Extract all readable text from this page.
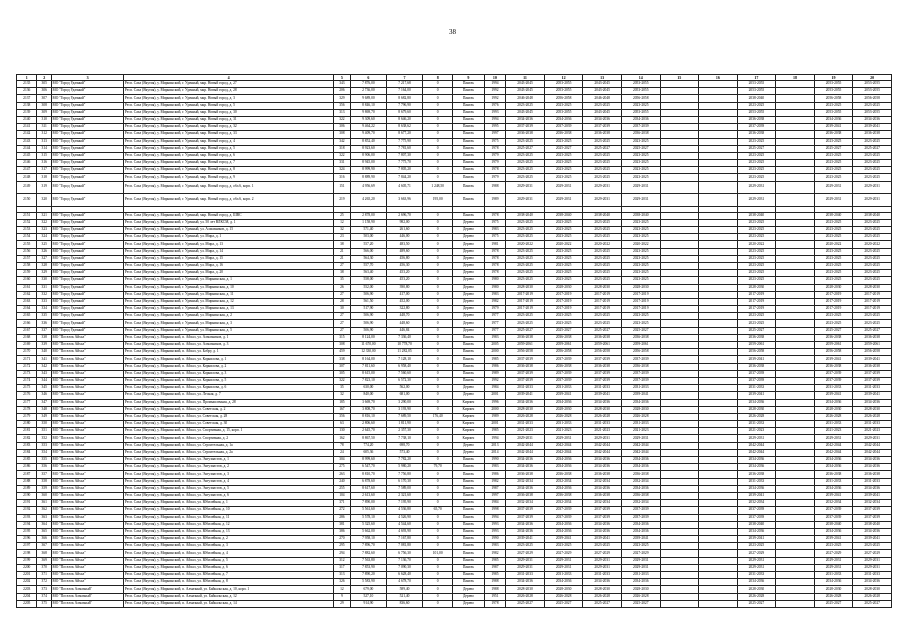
38
1	2	3	4	5	6	7	8	9	10	11	12	13	14	15	16	17	18	19	20
2135	305	МО "Город Удачный"	Респ. Саха (Якутия), у. Мирнинский, г. Удачный, мкр. Новый город, д. 27	343	7 876,00	7 217,68	0	Панель	1994	2043-2045	2053-2055	2043-2045	2053-2055			2053-2055		2053-2055	2053-2055
2136	306	МО "Город Удачный"	Респ. Саха (Якутия), у. Мирнинский, г. Удачный, мкр. Новый город, д. 28	206	2 736,00	7 164,00	0	Панель	1992	2043-2045	2053-2055	2043-2045	2053-2055			2053-2055		2053-2055	2053-2055
2137	307	МО "Город Удачный"	Респ. Саха (Якутия), у. Мирнинский, г. Удачный, мкр. Новый город, д. 3	329	9 689,00	8 682,80	0	Панель	1992	2046-2048	2056-2058	2046-2048	2056-2058			2038-2040		2056-2058	2056-2058
2138	308	МО "Город Удачный"	Респ. Саха (Якутия), у. Мирнинский, г. Удачный, мкр. Новый город, д. 5	356	8 846,10	7 796,90	0	Панель	1976	2023-2025	2023-2025	2023-2025	2023-2025			2023-2025		2023-2025	2023-2025
2139	309	МО "Город Удачный"	Респ. Саха (Якутия), у. Мирнинский, г. Удачный, мкр. Новый город, д. 30	313	9 869,70	8 679,60	0	Панель	1993	2043-2045	2053-2055	2043-2045	2053-2055			2053-2055		2053-2055	2053-2055
2140	310	МО "Город Удачный"	Респ. Саха (Якутия), у. Мирнинский, г. Удачный, мкр. Новый город, д. 31	322	9 309,60	8 646,20	0	Панель	1994	2034-2036	2034-2036	2034-2036	2034-2036			2036-2038		2034-2036	2034-2036
2141	311	МО "Город Удачный"	Респ. Саха (Якутия), у. Мирнинский, г. Удачный, мкр. Новый город, д. 32	306	9 464,22	8 638,62	0	Панель	1995	2037-2039	2037-2039	2037-2039	2037-2039			2037-2039		2039-2041	2039-2041
2142	312	МО "Город Удачный"	Респ. Саха (Якутия), у. Мирнинский, г. Удачный, мкр. Новый город, д. 33	308	9 409,70	8 677,20	0	Панель	1997	2036-2038	2036-2038	2036-2038	2036-2038			2036-2038		2036-2038	2036-2038
2143	313	МО "Город Удачный"	Респ. Саха (Якутия), у. Мирнинский, г. Удачный, мкр. Новый город, д. 4	342	8 852,40	7 775,90	0	Панель	1975	2023-2025	2023-2025	2023-2025	2023-2025			2023-2025		2023-2025	2023-2025
2144	314	МО "Город Удачный"	Респ. Саха (Якутия), у. Мирнинский, г. Удачный, мкр. Новый город, д. 5	318	8 923,60	7 781,60	0	Панель	1978	2025-2027	2025-2027	2025-2027	2025-2027			2025-2027		2025-2027	2025-2027
2145	315	МО "Город Удачный"	Респ. Саха (Якутия), у. Мирнинский, г. Удачный, мкр. Новый город, д. 6	322	8 906,00	7 807,30	0	Панель	1979	2023-2025	2023-2025	2023-2025	2023-2025			2023-2025		2023-2025	2023-2025
2146	316	МО "Город Удачный"	Респ. Саха (Якутия), у. Мирнинский, г. Удачный, мкр. Новый город, д. 7	331	8 945,00	7 775,70	0	Панель	1979	2023-2025	2023-2025	2023-2025	2023-2025			2023-2025		2023-2025	2023-2025
2147	317	МО "Город Удачный"	Респ. Саха (Якутия), у. Мирнинский, г. Удачный, мкр. Новый город, д. 8	324	8 999,90	7 805,20	0	Панель	1978	2023-2025	2023-2025	2023-2025	2023-2025			2023-2025		2023-2025	2023-2025
2148	318	МО "Город Удачный"	Респ. Саха (Якутия), у. Мирнинский, г. Удачный, мкр. Новый город, д. 9	316	8 889,90	7 844,20	0	Панель	1979	2023-2025	2023-2025	2023-2025	2023-2025			2023-2025		2023-2025	2023-2025
2149	319	МО "Город Удачный"	Респ. Саха (Якутия), у. Мирнинский, г. Удачный, мкр. Новый город, д. обл.6, корп. 1	151	4 956,69	4 605,71	1 248,50	Панель	1988	2029-2031	2029-2031	2029-2031	2029-2031			2029-2031		2029-2031	2029-2031
2150	320	МО "Город Удачный"	Респ. Саха (Якутия), у. Мирнинский, г. Удачный, мкр. Новый город, д. обл.6, корп. 2	219	4 265,20	3 663,96	195,00	Панель	1989	2029-2031	2029-2031	2029-2031	2029-2031			2029-2031		2029-2031	2029-2031

2151	321	МО "Город Удачный"	Респ. Саха (Якутия), у. Мирнинский, г. Удачный, мкр. Новый город, д. ШВС	25	2 878,00	2 696,70	0	Панель	1978	2038-2040	2038-2040	2038-2040	2038-2040			2038-2040		2038-2040	2038-2040
2152	322	МО "Город Удачный"	Респ. Саха (Якутия), у. Мирнинский, г. Удачный, ул. 50 лет ВЛКСМ, д. 1	12	1 158,90	982,00	0	Дерево	1975	2023-2025	2023-2025	2023-2025	2023-2025			2023-2025		2023-2025	2023-2025
2153	323	МО "Город Удачный"	Респ. Саха (Якутия), у. Мирнинский, г. Удачный, ул. Алмазников, д. 15	32	571,40	261,60	0	Дерево	1983	2023-2025	2023-2025	2023-2025	2023-2025			2023-2025		2023-2025	2023-2025
2154	324	МО "Город Удачный"	Респ. Саха (Якутия), у. Мирнинский, г. Удачный, ул. Мира, д. 1	23	503,00	446,00	0	Дерево	1975	2023-2025	2023-2025	2023-2025	2023-2025			2023-2025		2023-2025	2023-2025
2155	325	МО "Город Удачный"	Респ. Саха (Якутия), у. Мирнинский, г. Удачный, ул. Мира, д. 13	38	557,20	483,50	0	Дерево	1981	2020-2022	2020-2022	2020-2022	2020-2022			2020-2022		2020-2022	2020-2022
2156	326	МО "Город Удачный"	Респ. Саха (Якутия), у. Мирнинский, г. Удачный, ул. Мира, д. 14	21	566,00	489,60	0	Дерево	1978	2023-2025	2023-2025	2023-2025	2023-2025			2023-2025		2023-2025	2023-2025
2157	327	МО "Город Удачный"	Респ. Саха (Якутия), у. Мирнинский, г. Удачный, ул. Мира, д. 15	21	564,30	456,80	0	Дерево	1978	2023-2025	2023-2025	2023-2025	2023-2025			2023-2025		2023-2025	2023-2025
2158	328	МО "Город Удачный"	Респ. Саха (Якутия), у. Мирнинский, г. Удачный, ул. Мира, д. 16	27	557,70	456,30	0	Дерево	1978	2023-2025	2023-2025	2023-2025	2023-2025			2023-2025		2023-2025	2023-2025
2159	329	МО "Город Удачный"	Респ. Саха (Якутия), у. Мирнинский, г. Удачный, ул. Мира, д. 20	38	563,40	453,20	0	Дерево	1978	2023-2025	2023-2025	2023-2025	2023-2025			2023-2025		2023-2025	2023-2025
2160	330	МО "Город Удачный"	Респ. Саха (Якутия), у. Мирнинский, г. Удачный, ул. Мирнинская, д. 1	35	558,00	453,20	0	Дерево	1980	2023-2025	2023-2025	2023-2025	2023-2025			2023-2025		2023-2025	2023-2025
2161	331	МО "Город Удачный"	Респ. Саха (Якутия), у. Мирнинский, г. Удачный, ул. Мирнинская, д. 10	26	552,00	390,80	0	Дерево	1980	2028-2030	2028-2030	2028-2030	2028-2030			2028-2030		2028-2030	2028-2030
2162	332	МО "Город Удачный"	Респ. Саха (Якутия), у. Мирнинский, г. Удачный, ул. Мирнинская, д. 11	27	506,90	417,00	0	Дерево	1983	2017-2019	2017-2019	2017-2019	2017-2019			2017-2019		2017-2019	2017-2019
2163	333	МО "Город Удачный"	Респ. Саха (Якутия), у. Мирнинский, г. Удачный, ул. Мирнинская, д. 12	28	561,50	452,00	0	Дерево	1982	2017-2019	2017-2019	2017-2019	2017-2019			2017-2019		2017-2019	2017-2019
2164	334	МО "Город Удачный"	Респ. Саха (Якутия), у. Мирнинский, г. Удачный, ул. Мирнинская, д. 13	30	517,90	322,80	0	Дерево	1979	2017-2019	2017-2019	2017-2019	2017-2019			2017-2019		2017-2019	2017-2019
2165	335	МО "Город Удачный"	Респ. Саха (Якутия), у. Мирнинский, г. Удачный, ул. Мирнинская, д. 2	27	506,90	448,70	0	Дерево	1977	2023-2025	2023-2025	2023-2025	2023-2025			2023-2025		2023-2025	2023-2025
2166	336	МО "Город Удачный"	Респ. Саха (Якутия), у. Мирнинский, г. Удачный, ул. Мирнинская, д. 3	27	506,90	448,60	0	Дерево	1977	2023-2025	2023-2025	2023-2025	2023-2025			2023-2025		2023-2025	2023-2025
2167	337	МО "Город Удачный"	Респ. Саха (Якутия), у. Мирнинский, г. Удачный, ул. Мирнинская, д. 5	27	506,90	446,84	0	Дерево	1977	2025-2027	2025-2027	2025-2027	2025-2027			2025-2027		2025-2027	2025-2027
2168	338	МО "Поселок Айхал"	Респ. Саха (Якутия), у. Мирнинский, п. Айхал, ул. Алмазников, д. 1	315	8 124,00	7 336,40	0	Панель	1983	2036-2038	2036-2038	2036-2038	2036-2038			2036-2038		2036-2038	2036-2038
2169	339	МО "Поселок Айхал"	Респ. Саха (Якутия), у. Мирнинский, п. Айхал, ул. Алмазников, д. 3	308	11 670,00	10 778,70	0	Панель	2005	2059-2061	2059-2061	2059-2061	2059-2061			2059-2061		2059-2061	2059-2061
2170	340	МО "Поселок Айхал"	Респ. Саха (Якутия), у. Мирнинский, п. Айхал, ул. Бобру, д. 1	459	12 330,00	11 282,05	0	Панель	2000	2056-2058	2056-2058	2056-2058	2056-2058			2056-2058		2056-2058	2056-2058
2171	341	МО "Поселок Айхал"	Респ. Саха (Якутия), у. Мирнинский, п. Айхал, ул. Корнилова, д. 1	338	8 164,00	7 128,10	0	Панель	1985	2037-2039	2037-2039	2037-2039	2037-2039			2039-2041		2039-2041	2039-2041
2172	342	МО "Поселок Айхал"	Респ. Саха (Якутия), у. Мирнинский, п. Айхал, ул. Корнилова, д. 2	307	7 811,60	6 958,40	0	Панель	1986	2036-2038	2036-2038	2036-2038	2036-2038			2036-2038		2036-2038	2036-2038
2173	343	МО "Поселок Айхал"	Респ. Саха (Якутия), у. Мирнинский, п. Айхал, ул. Корнилова, д. 3	305	8 615,00	7 560,60	0	Панель	1989	2037-2039	2037-2039	2037-2039	2037-2039			2037-2039		2037-2039	2037-2039
2174	344	МО "Поселок Айхал"	Респ. Саха (Якутия), у. Мирнинский, п. Айхал, ул. Корнилова, д. 5	322	7 823,10	6 572,30	0	Панель	1992	2037-2039	2037-2039	2037-2039	2037-2039			2037-2039		2037-2039	2037-2039
2175	345	МО "Поселок Айхал"	Респ. Саха (Якутия), у. Мирнинский, п. Айхал, ул. Корнилова, д. 6	35	630,00	562,00	0	Дерево	1984	2031-2033	2031-2033	2031-2033	2031-2033			2031-2033		2031-2033	2031-2033
2176	346	МО "Поселок Айхал"	Респ. Саха (Якутия), у. Мирнинский, п. Айхал, ул. Лесная, д. 7	32	840,00	681,00	0	Дерево	2001	2039-2041	2039-2041	2039-2041	2039-2041			2039-2041		2039-2041	2039-2041
2177	347	МО "Поселок Айхал"	Респ. Саха (Якутия), у. Мирнинский, п. Айхал, ул. Промышленная, д. 28	185	3 669,70	3 290,00	0	Кирпич	1996	2034-2036	2034-2036	2034-2036	2034-2036			2034-2036		2034-2036	2034-2036
2178	348	МО "Поселок Айхал"	Респ. Саха (Якутия), у. Мирнинский, п. Айхал, ул. Советская, д. 2	167	3 808,70	3 193,90	0	Кирпич	2000	2028-2030	2028-2030	2028-2030	2028-2030			2028-2030		2028-2030	2028-2030
2179	349	МО "Поселок Айхал"	Респ. Саха (Якутия), у. Мирнинский, п. Айхал, ул. Советская, д. 28	356	8 816,10	7 689,50	176,40	Кирпич	1989	2026-2028	2026-2028	2026-2028	2026-2028			2026-2028		2026-2028	2026-2028
2180	350	МО "Поселок Айхал"	Респ. Саха (Якутия), у. Мирнинский, п. Айхал, ул. Советская, д. 30	63	2 806,60	1 811,90	0	Кирпич	2001	2031-2033	2031-2033	2031-2033	2031-2033			2031-2033		2031-2033	2031-2033
2181	351	МО "Поселок Айхал"	Респ. Саха (Якутия), у. Мирнинский, п. Айхал, ул. Спортивная, д. 15, корп. 1	130	2 645,70	2 357,30	0	Кирпич	1985	2021-2023	2021-2023	2021-2023	2021-2023			2021-2023		2021-2023	2021-2023
2182	352	МО "Поселок Айхал"	Респ. Саха (Якутия), у. Мирнинский, п. Айхал, ул. Спортивная, д. 2	162	8 867,50	7 738,10	0	Кирпич	1994	2029-2031	2029-2031	2029-2031	2029-2031			2029-2031		2029-2031	2029-2031
2183	353	МО "Поселок Айхал"	Респ. Саха (Якутия), у. Мирнинский, п. Айхал, ул. Строительная, д. 1а	78	774,20	698,70	0	Дерево	2013	2042-2044	2042-2044	2042-2044	2042-2044			2042-2044		2042-2044	2042-2044
2184	354	МО "Поселок Айхал"	Респ. Саха (Якутия), у. Мирнинский, п. Айхал, ул. Строительная, д. 2а	24	605,36	573,40	0	Дерево	2014	2042-2044	2042-2044	2042-2044	2042-2044			2042-2044		2042-2044	2042-2044
2185	355	МО "Поселок Айхал"	Респ. Саха (Якутия), у. Мирнинский, п. Айхал, ул. Энтузиастов, д. 1	304	8 999,60	7 782,20	0	Панель	1990	2034-2036	2034-2036	2034-2036	2034-2036			2034-2036		2034-2036	2034-2036
2186	356	МО "Поселок Айхал"	Респ. Саха (Якутия), у. Мирнинский, п. Айхал, ул. Энтузиастов, д. 2	275	6 547,70	5 980,20	79,70	Панель	1983	2034-2036	2034-2036	2034-2036	2034-2036			2034-2036		2034-2036	2034-2036
2187	357	МО "Поселок Айхал"	Респ. Саха (Якутия), у. Мирнинский, п. Айхал, ул. Энтузиастов, д. 3	263	8 810,70	7 756,80	0	Панель	1986	2036-2038	2036-2038	2036-2038	2036-2038			2036-2038		2036-2038	2036-2038
2188	358	МО "Поселок Айхал"	Респ. Саха (Якутия), у. Мирнинский, п. Айхал, ул. Энтузиастов, д. 4	240	6 878,60	6 170,30	0	Панель	1982	2032-2034	2032-2034	2032-2034	2032-2034			2031-2033		2031-2033	2031-2033
2189	359	МО "Поселок Айхал"	Респ. Саха (Якутия), у. Мирнинский, п. Айхал, ул. Энтузиастов, д. 5	255	8 617,60	7 589,00	0	Панель	1987	2034-2036	2034-2036	2034-2036	2034-2036			2034-2036		2034-2036	2034-2036
2190	360	МО "Поселок Айхал"	Респ. Саха (Якутия), у. Мирнинский, п. Айхал, ул. Энтузиастов, д. 6	104	2 613,60	2 321,60	0	Панель	1997	2036-2038	2036-2038	2036-2038	2036-2038			2039-2041		2039-2041	2039-2041
2191	361	МО "Поселок Айхал"	Респ. Саха (Якутия), у. Мирнинский, п. Айхал, ул. Юбилейная, д. 1	371	7 890,00	7 195,90	0	Панель	1984	2032-2034	2032-2034	2032-2034	2032-2034			2032-2034		2032-2034	2032-2034
2192	362	МО "Поселок Айхал"	Респ. Саха (Якутия), у. Мирнинский, п. Айхал, ул. Юбилейная, д. 10	272	5 561,60	4 536,80	65,70	Панель	1998	2037-2039	2037-2039	2037-2039	2037-2039			2037-2039		2037-2039	2037-2039
2193	363	МО "Поселок Айхал"	Респ. Саха (Якутия), у. Мирнинский, п. Айхал, ул. Юбилейная, д. 11	286	5 578,10	4 526,90	0	Панель	1994	2037-2039	2037-2039	2037-2039	2037-2039			2037-2039		2037-2039	2037-2039
2194	364	МО "Поселок Айхал"	Респ. Саха (Якутия), у. Мирнинский, п. Айхал, ул. Юбилейная, д. 12	381	5 325,60	4 544,60	0	Панель	1993	2034-2036	2034-2036	2034-2036	2034-2036			2038-2040		2038-2040	2038-2040
2195	365	МО "Поселок Айхал"	Респ. Саха (Якутия), у. Мирнинский, п. Айхал, ул. Юбилейная, д. 13	386	5 662,00	4 693,90	0	Панель	1993	2034-2036	2034-2036	2034-2036	2034-2036			2034-2036		2034-2036	2034-2036
2196	366	МО "Поселок Айхал"	Респ. Саха (Якутия), у. Мирнинский, п. Айхал, ул. Юбилейная, д. 2	270	7 958,10	7 167,80	0	Панель	1990	2039-2041	2039-2041	2039-2041	2039-2041			2039-2041		2039-2041	2039-2041
2197	367	МО "Поселок Айхал"	Респ. Саха (Якутия), у. Мирнинский, п. Айхал, ул. Юбилейная, д. 3	295	7 896,70	7 081,80	0	Панель	1983	2023-2025	2023-2025	2023-2025	2023-2025			2023-2025		2023-2025	2023-2025
2198	368	МО "Поселок Айхал"	Респ. Саха (Якутия), у. Мирнинский, п. Айхал, ул. Юбилейная, д. 4	294	7 882,60	6 756,30	101,00	Панель	1982	2027-2029	2027-2029	2027-2029	2027-2029			2027-2029		2027-2029	2027-2029
2199	369	МО "Поселок Айхал"	Респ. Саха (Якутия), у. Мирнинский, п. Айхал, ул. Юбилейная, д. 5	312	7 563,80	7 136,70	0	Панель	1985	2029-2031	2029-2031	2029-2031	2029-2031			2029-2031		2029-2031	2029-2031
2200	370	МО "Поселок Айхал"	Респ. Саха (Якутия), у. Мирнинский, п. Айхал, ул. Юбилейная, д. 6	317	7 853,90	7 090,30	0	Панель	1987	2029-2031	2029-2031	2029-2031	2029-2031			2029-2031		2029-2031	2029-2031
2201	371	МО "Поселок Айхал"	Респ. Саха (Якутия), у. Мирнинский, п. Айхал, ул. Юбилейная, д. 7	313	7 890,20	6 628,40	0	Панель	1985	2031-2033	2031-2033	2031-2033	2031-2033			2031-2033		2031-2033	2031-2033
2202	372	МО "Поселок Айхал"	Респ. Саха (Якутия), у. Мирнинский, п. Айхал, ул. Юбилейная, д. 8	326	5 583,90	4 678,70	0	Панель	1988	2034-2036	2034-2036	2034-2036	2034-2036			2034-2036		2034-2036	2034-2036
2203	373	МО "Поселок Алмазный"	Респ. Саха (Якутия), у. Мирнинский, п. Алмазный, ул. Байкальская, д. 10, корп. 1	12	679,00	589,40	0	Дерево	1988	2028-2030	2028-2030	2028-2030	2028-2030			2028-2030		2028-2030	2028-2030
2204	374	МО "Поселок Алмазный"	Респ. Саха (Якутия), у. Мирнинский, п. Алмазный, ул. Байкальская, д. 12	9	527,10	521,40	0	Дерево	1951	2026-2028	2026-2028	2026-2028	2026-2028			2026-2028		2026-2028	2026-2028
2205	375	МО "Поселок Алмазный"	Респ. Саха (Якутия), у. Мирнинский, п. Алмазный, ул. Байкальская, д. 14	29	914,90	836,60	0	Дерево	1978	2025-2027	2025-2027	2025-2027	2025-2027			2025-2027		2025-2027	2025-2027
